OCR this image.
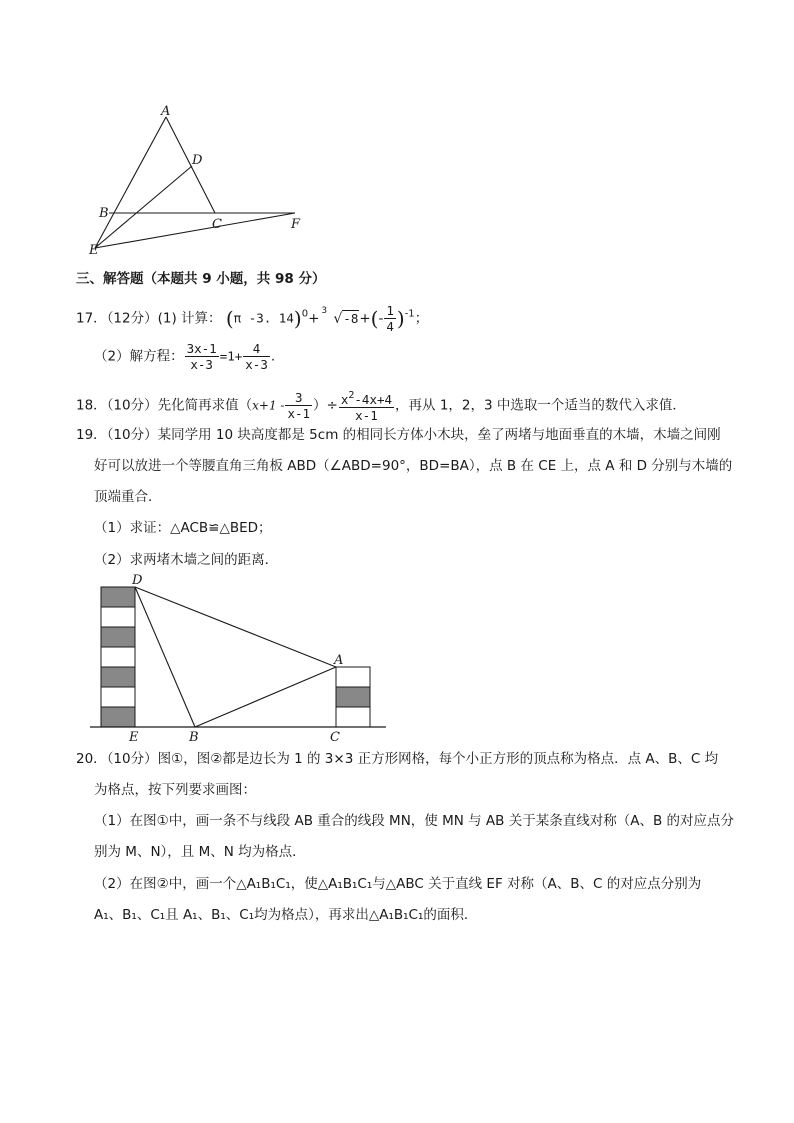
A
D
B
C	F
E
三、解答题（本题共 9 小题，共 98 分）
17．（12分）(1) 计算： (π -3. 14)$^0$+ 3 $√-8+(- \frac{1}{4} )^{-1}$；
（2）解方程： $\frac{3x-1}{x-3} =1+ \frac{4}{x-3}$ .
18．（10分）先化简再求值（$x+1 - \frac{3}{x-1}$ ）÷ $\frac{x^2-4x+4}{x-1}$ ，再从 1，2，3 中选取一个适当的数代入求值．
19．（10分）某同学用 10 块高度都是 5cm 的相同长方体小木块，垒了两堵与地面垂直的木墙，木墙之间刚
好可以放进一个等腰直角三角板 ABD（∠ABD=90°，BD=BA），点 B 在 CE 上，点 A 和 D 分别与木墙的
顶端重合．
（1）求证：△ACB≌△BED；
（2）求两堵木墙之间的距离．
D
A
E	B	C
20．（10分）图①，图②都是边长为 1 的 3×3 正方形网格，每个小正方形的顶点称为格点．点 A、B、C 均
为格点，按下列要求画图：
（1）在图①中，画一条不与线段 AB 重合的线段 MN，使 MN 与 AB 关于某条直线对称（A、B 的对应点分
别为 M、N），且 M、N 均为格点．
（2）在图②中，画一个△A₁B₁C₁，使△A₁B₁C₁与△ABC 关于直线 EF 对称（A、B、C 的对应点分别为
A₁、B₁、C₁且 A₁、B₁、C₁均为格点），再求出△A₁B₁C₁的面积．
